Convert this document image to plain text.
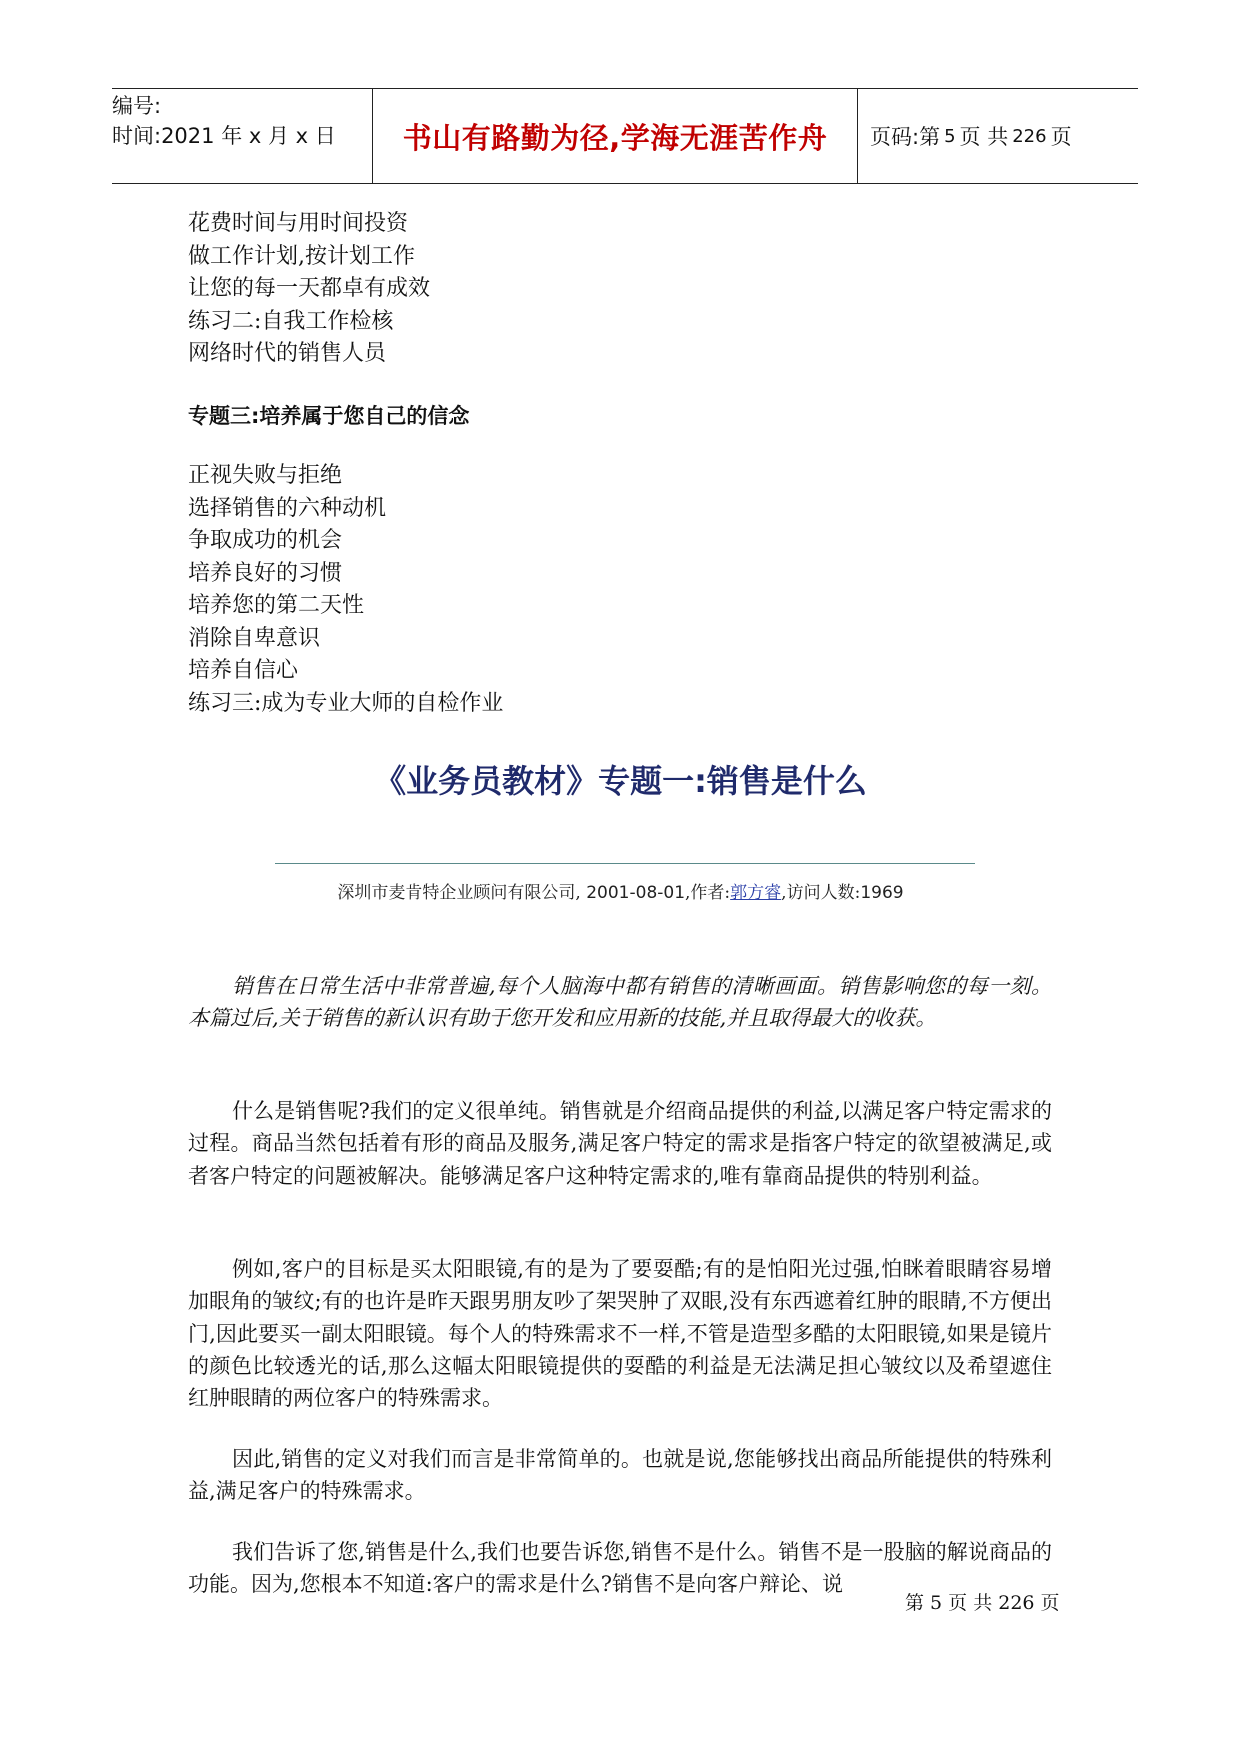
编号:
时间:2021 年 x 月 x 日	书山有路勤为径,学海无涯苦作舟	页码:第 5 页 共 226 页
花费时间与用时间投资
做工作计划,按计划工作
让您的每一天都卓有成效
练习二:自我工作检核
网络时代的销售人员
专题三:培养属于您自己的信念
正视失败与拒绝
选择销售的六种动机
争取成功的机会
培养良好的习惯
培养您的第二天性
消除自卑意识
培养自信心
练习三:成为专业大师的自检作业
《业务员教材》专题一:销售是什么
深圳市麦肯特企业顾问有限公司, 2001-08-01,作者:郭方睿,访问人数:1969
销售在日常生活中非常普遍,每个人脑海中都有销售的清晰画面。销售影响您的每一刻。本篇过后,关于销售的新认识有助于您开发和应用新的技能,并且取得最大的收获。
什么是销售呢?我们的定义很单纯。销售就是介绍商品提供的利益,以满足客户特定需求的过程。商品当然包括着有形的商品及服务,满足客户特定的需求是指客户特定的欲望被满足,或者客户特定的问题被解决。能够满足客户这种特定需求的,唯有靠商品提供的特别利益。
例如,客户的目标是买太阳眼镜,有的是为了要耍酷;有的是怕阳光过强,怕眯着眼睛容易增加眼角的皱纹;有的也许是昨天跟男朋友吵了架哭肿了双眼,没有东西遮着红肿的眼睛,不方便出门,因此要买一副太阳眼镜。每个人的特殊需求不一样,不管是造型多酷的太阳眼镜,如果是镜片的颜色比较透光的话,那么这幅太阳眼镜提供的耍酷的利益是无法满足担心皱纹以及希望遮住红肿眼睛的两位客户的特殊需求。
因此,销售的定义对我们而言是非常简单的。也就是说,您能够找出商品所能提供的特殊利益,满足客户的特殊需求。
我们告诉了您,销售是什么,我们也要告诉您,销售不是什么。销售不是一股脑的解说商品的功能。因为,您根本不知道:客户的需求是什么?销售不是向客户辩论、说
第 5 页 共 226 页
